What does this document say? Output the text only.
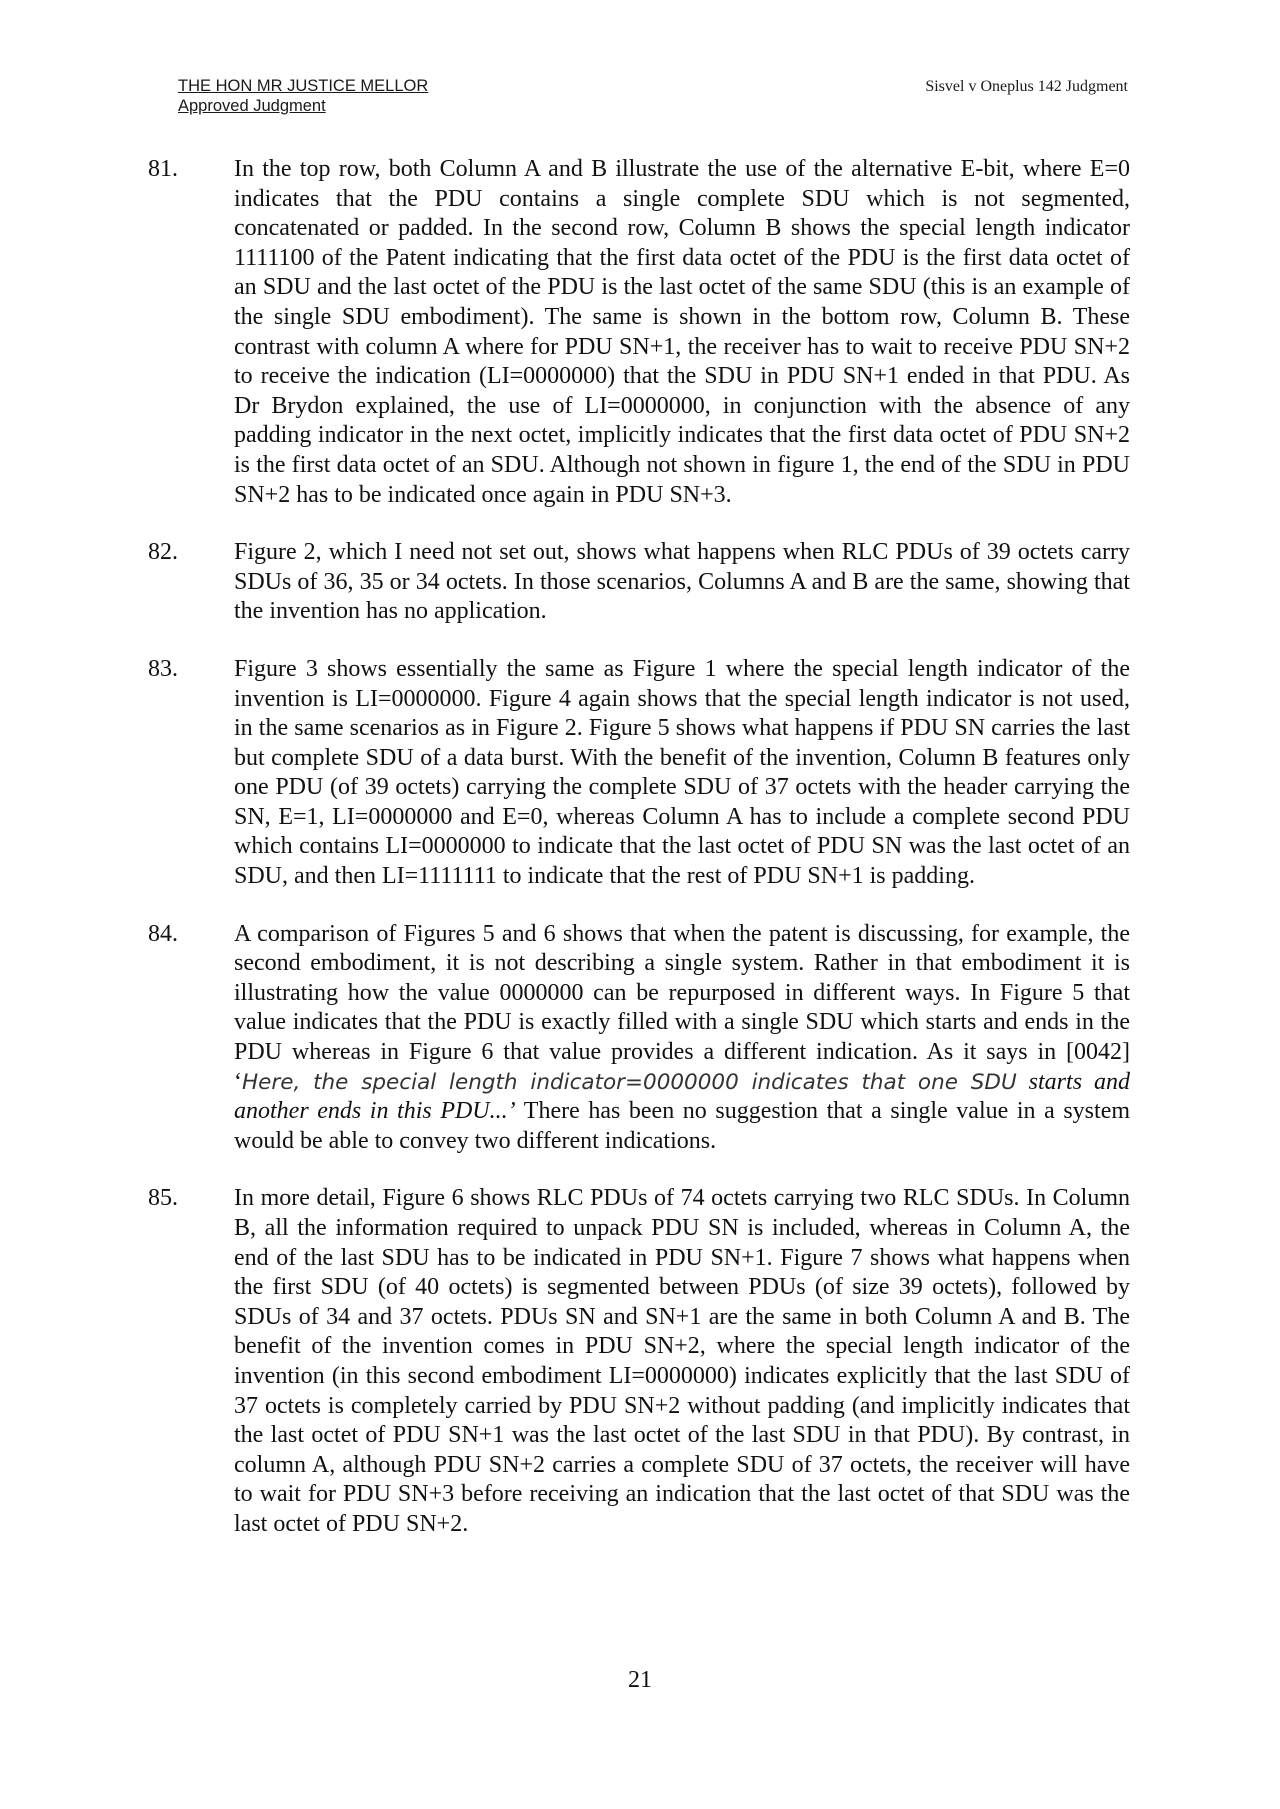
THE HON MR JUSTICE MELLOR
Approved Judgment
Sisvel v Oneplus 142 Judgment
81. In the top row, both Column A and B illustrate the use of the alternative E-bit, where E=0 indicates that the PDU contains a single complete SDU which is not segmented, concatenated or padded. In the second row, Column B shows the special length indicator 1111100 of the Patent indicating that the first data octet of the PDU is the first data octet of an SDU and the last octet of the PDU is the last octet of the same SDU (this is an example of the single SDU embodiment). The same is shown in the bottom row, Column B. These contrast with column A where for PDU SN+1, the receiver has to wait to receive PDU SN+2 to receive the indication (LI=0000000) that the SDU in PDU SN+1 ended in that PDU. As Dr Brydon explained, the use of LI=0000000, in conjunction with the absence of any padding indicator in the next octet, implicitly indicates that the first data octet of PDU SN+2 is the first data octet of an SDU. Although not shown in figure 1, the end of the SDU in PDU SN+2 has to be indicated once again in PDU SN+3.
82. Figure 2, which I need not set out, shows what happens when RLC PDUs of 39 octets carry SDUs of 36, 35 or 34 octets. In those scenarios, Columns A and B are the same, showing that the invention has no application.
83. Figure 3 shows essentially the same as Figure 1 where the special length indicator of the invention is LI=0000000. Figure 4 again shows that the special length indicator is not used, in the same scenarios as in Figure 2. Figure 5 shows what happens if PDU SN carries the last but complete SDU of a data burst. With the benefit of the invention, Column B features only one PDU (of 39 octets) carrying the complete SDU of 37 octets with the header carrying the SN, E=1, LI=0000000 and E=0, whereas Column A has to include a complete second PDU which contains LI=0000000 to indicate that the last octet of PDU SN was the last octet of an SDU, and then LI=1111111 to indicate that the rest of PDU SN+1 is padding.
84. A comparison of Figures 5 and 6 shows that when the patent is discussing, for example, the second embodiment, it is not describing a single system. Rather in that embodiment it is illustrating how the value 0000000 can be repurposed in different ways. In Figure 5 that value indicates that the PDU is exactly filled with a single SDU which starts and ends in the PDU whereas in Figure 6 that value provides a different indication. As it says in [0042] ‘Here, the special length indicator=0000000 indicates that one SDU starts and another ends in this PDU...’ There has been no suggestion that a single value in a system would be able to convey two different indications.
85. In more detail, Figure 6 shows RLC PDUs of 74 octets carrying two RLC SDUs. In Column B, all the information required to unpack PDU SN is included, whereas in Column A, the end of the last SDU has to be indicated in PDU SN+1. Figure 7 shows what happens when the first SDU (of 40 octets) is segmented between PDUs (of size 39 octets), followed by SDUs of 34 and 37 octets. PDUs SN and SN+1 are the same in both Column A and B. The benefit of the invention comes in PDU SN+2, where the special length indicator of the invention (in this second embodiment LI=0000000) indicates explicitly that the last SDU of 37 octets is completely carried by PDU SN+2 without padding (and implicitly indicates that the last octet of PDU SN+1 was the last octet of the last SDU in that PDU). By contrast, in column A, although PDU SN+2 carries a complete SDU of 37 octets, the receiver will have to wait for PDU SN+3 before receiving an indication that the last octet of that SDU was the last octet of PDU SN+2.
21
